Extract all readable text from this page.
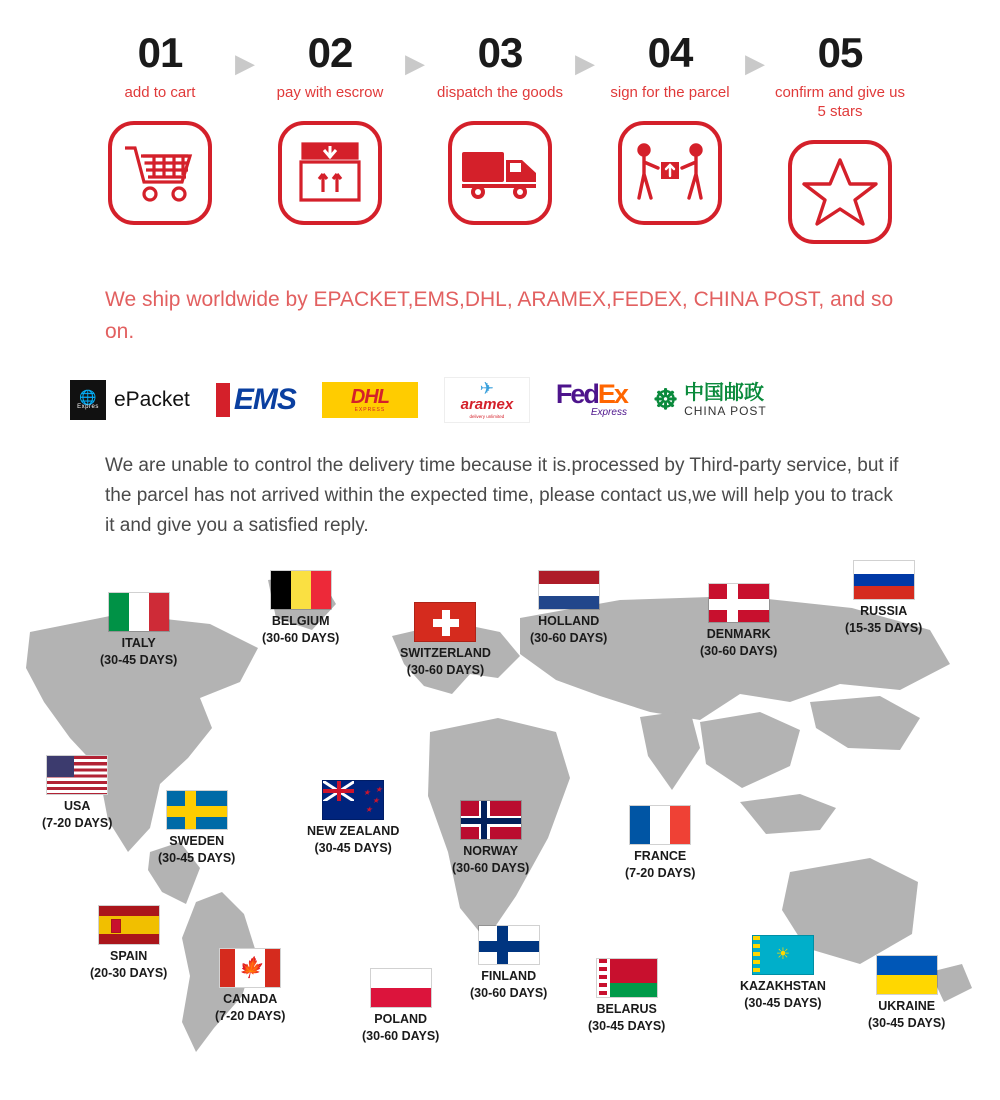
01
add to cart
▶	02
pay with escrow
▶	03
dispatch the goods
▶	04
sign for the parcel
▶	05
confirm and give us 5 stars
We ship worldwide by EPACKET,EMS,DHL, ARAMEX,FEDEX, CHINA POST, and so on.
🌐
Expres ePacket	EMS	DHL
EXPRESS
✈
aramex
delivery unlimited
FedEx
Express ☸ 中国邮政
CHINA POST
We are unable to control the delivery time because it is.processed by Third-party service, but if the parcel has not arrived within the expected time, please contact us,we will help you to track it and give you a satisfied reply.
ITALY
(30-45 DAYS)
BELGIUM
(30-60 DAYS)
SWITZERLAND
(30-60 DAYS)
HOLLAND
(30-60 DAYS)	DENMARK
(30-60 DAYS)
RUSSIA
(15-35 DAYS)
USA
(7-20 DAYS)
SWEDEN
(30-45 DAYS)
★
★
★
★
NEW ZEALAND
(30-45 DAYS)	NORWAY
(30-60 DAYS)
FRANCE
(7-20 DAYS)
SPAIN
(20-30 DAYS)	🍁
CANADA
(7-20 DAYS)	POLAND
(30-60 DAYS)
FINLAND
(30-60 DAYS)
BELARUS
(30-45 DAYS)
☀
KAZAKHSTAN
(30-45 DAYS)	UKRAINE
(30-45 DAYS)
